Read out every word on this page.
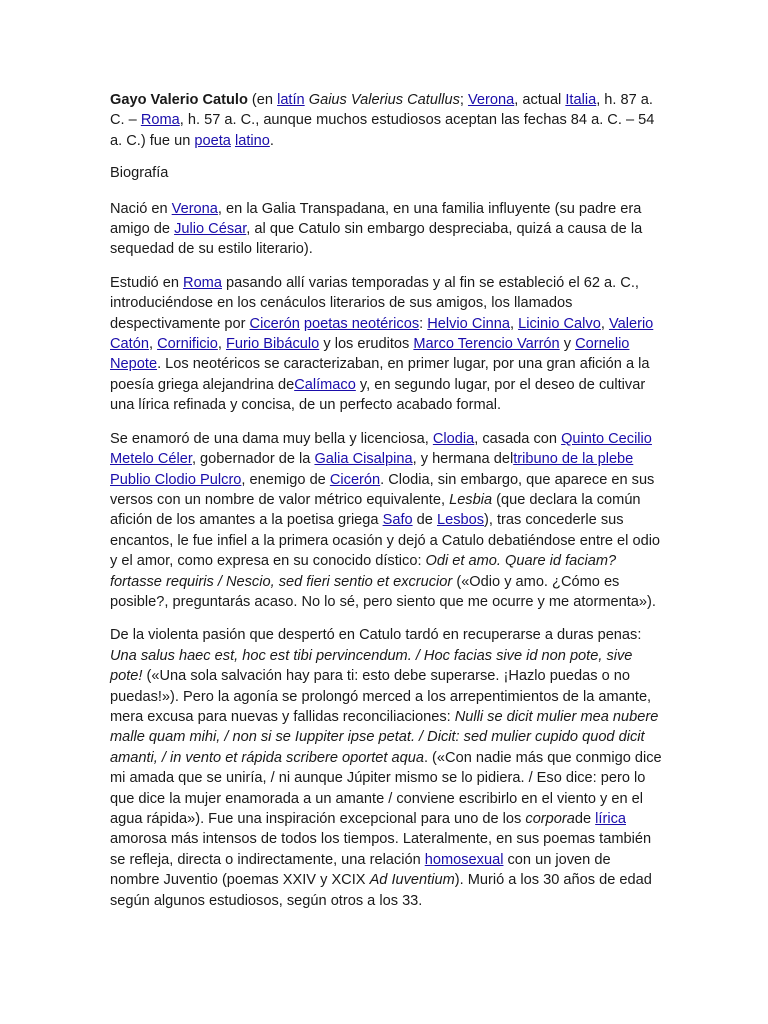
Gayo Valerio Catulo (en latín Gaius Valerius Catullus; Verona, actual Italia, h. 87 a. C. – Roma, h. 57 a. C., aunque muchos estudiosos aceptan las fechas 84 a. C. – 54 a. C.) fue un poeta latino.

Biografía

Nació en Verona, en la Galia Transpadana, en una familia influyente (su padre era amigo de Julio César, al que Catulo sin embargo despreciaba, quizá a causa de la sequedad de su estilo literario).

Estudió en Roma pasando allí varias temporadas y al fin se estableció el 62 a. C., introduciéndose en los cenáculos literarios de sus amigos, los llamados despectivamente por Cicerón poetas neotéricos: Helvio Cinna, Licinio Calvo, Valerio Catón, Cornificio, Furio Bibáculo y los eruditos Marco Terencio Varrón y Cornelio Nepote. Los neotéricos se caracterizaban, en primer lugar, por una gran afición a la poesía griega alejandrina deCalímaco y, en segundo lugar, por el deseo de cultivar una lírica refinada y concisa, de un perfecto acabado formal.

Se enamoró de una dama muy bella y licenciosa, Clodia, casada con Quinto Cecilio Metelo Céler, gobernador de la Galia Cisalpina, y hermana deltribuno de la plebe Publio Clodio Pulcro, enemigo de Cicerón. Clodia, sin embargo, que aparece en sus versos con un nombre de valor métrico equivalente, Lesbia (que declara la común afición de los amantes a la poetisa griega Safo de Lesbos), tras concederle sus encantos, le fue infiel a la primera ocasión y dejó a Catulo debatiéndose entre el odio y el amor, como expresa en su conocido dístico: Odi et amo. Quare id faciam? fortasse requiris / Nescio, sed fieri sentio et excrucior («Odio y amo. ¿Cómo es posible?, preguntarás acaso. No lo sé, pero siento que me ocurre y me atormenta»).

De la violenta pasión que despertó en Catulo tardó en recuperarse a duras penas: Una salus haec est, hoc est tibi pervincendum. / Hoc facias sive id non pote, sive pote! («Una sola salvación hay para ti: esto debe superarse. ¡Hazlo puedas o no puedas!»). Pero la agonía se prolongó merced a los arrepentimientos de la amante, mera excusa para nuevas y fallidas reconciliaciones: Nulli se dicit mulier mea nubere malle quam mihi, / non si se Iuppiter ipse petat. / Dicit: sed mulier cupido quod dicit amanti, / in vento et rápida scribere oportet aqua. («Con nadie más que conmigo dice mi amada que se uniría, / ni aunque Júpiter mismo se lo pidiera. / Eso dice: pero lo que dice la mujer enamorada a un amante / conviene escribirlo en el viento y en el agua rápida»). Fue una inspiración excepcional para uno de los corporade lírica amorosa más intensos de todos los tiempos. Lateralmente, en sus poemas también se refleja, directa o indirectamente, una relación homosexual con un joven de nombre Juventio (poemas XXIV y XCIX Ad Iuventium). Murió a los 30 años de edad según algunos estudiosos, según otros a los 33.
